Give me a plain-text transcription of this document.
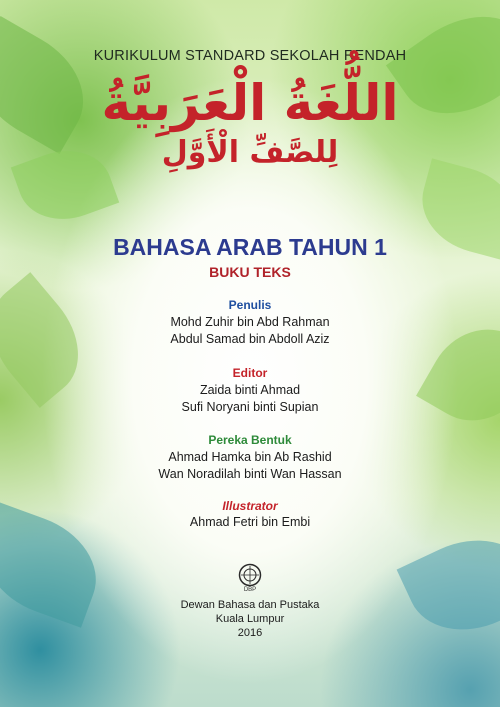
KURIKULUM STANDARD SEKOLAH RENDAH
اللُّغَةُ الْعَرَبِيَّةُ
لِلصَّفِّ الْأَوَّلِ
BAHASA ARAB TAHUN 1
BUKU TEKS
Penulis
Mohd Zuhir bin Abd Rahman
Abdul Samad bin Abdoll Aziz
Editor
Zaida binti Ahmad
Sufi Noryani binti Supian
Pereka Bentuk
Ahmad Hamka bin Ab Rashid
Wan Noradilah binti Wan Hassan
Illustrator
Ahmad Fetri bin Embi
DBP
Dewan Bahasa dan Pustaka
Kuala Lumpur
2016
